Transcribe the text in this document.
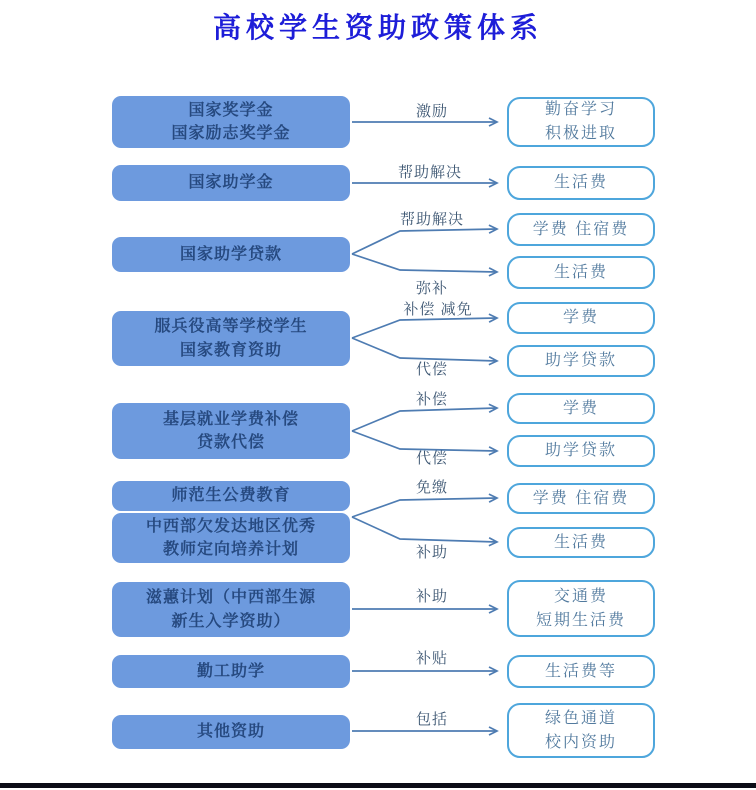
高校学生资助政策体系
国家奖学金
国家励志奖学金
激励	勤奋学习
积极进取
国家助学金
帮助解决
生活费
国家助学贷款
帮助解决
学费 住宿费
弥补
生活费
服兵役高等学校学生
国家教育资助
补偿 减免	学费
代偿
助学贷款
基层就业学费补偿
贷款代偿
补偿	学费
代偿	助学贷款
师范生公费教育
中西部欠发达地区优秀
教师定向培养计划
免缴
学费 住宿费
补助
生活费
滋蕙计划（中西部生源
新生入学资助）
补助	交通费
短期生活费
勤工助学
补贴
生活费等
其他资助
包括	绿色通道
校内资助
